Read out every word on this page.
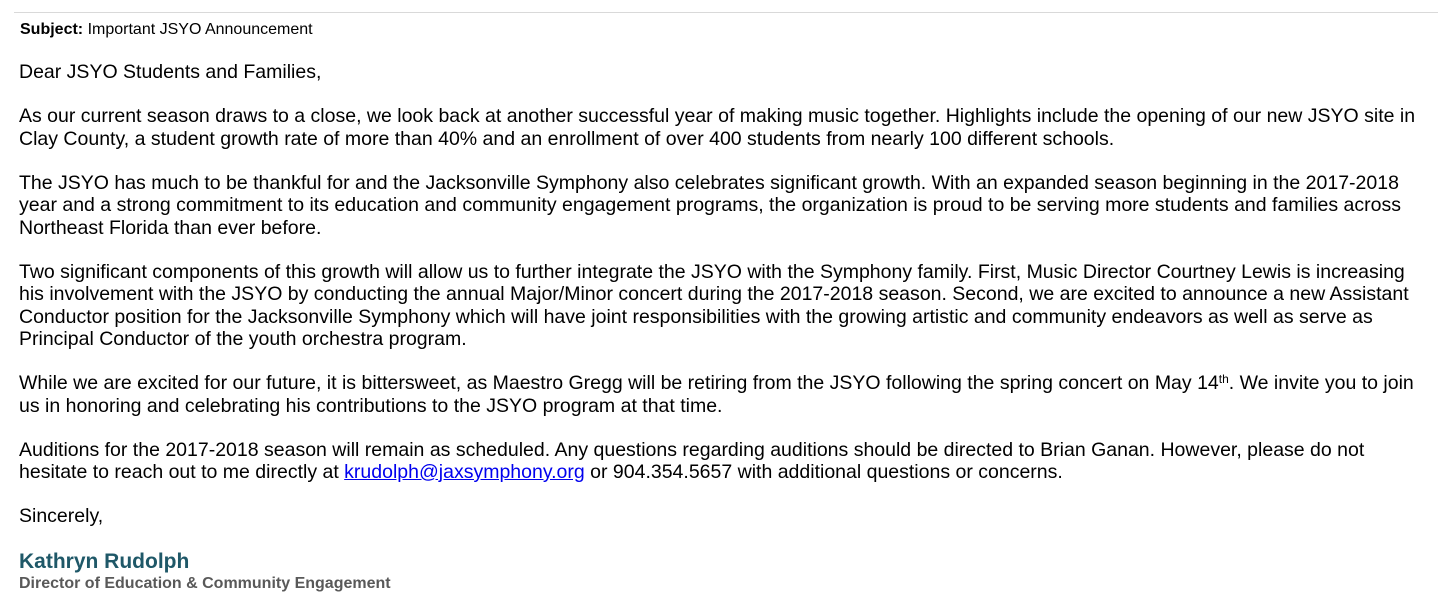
Subject: Important JSYO Announcement

Dear JSYO Students and Families,

As our current season draws to a close, we look back at another successful year of making music together. Highlights include the opening of our new JSYO site in Clay County, a student growth rate of more than 40% and an enrollment of over 400 students from nearly 100 different schools.

The JSYO has much to be thankful for and the Jacksonville Symphony also celebrates significant growth. With an expanded season beginning in the 2017-2018 year and a strong commitment to its education and community engagement programs, the organization is proud to be serving more students and families across Northeast Florida than ever before.

Two significant components of this growth will allow us to further integrate the JSYO with the Symphony family. First, Music Director Courtney Lewis is increasing his involvement with the JSYO by conducting the annual Major/Minor concert during the 2017-2018 season. Second, we are excited to announce a new Assistant Conductor position for the Jacksonville Symphony which will have joint responsibilities with the growing artistic and community endeavors as well as serve as Principal Conductor of the youth orchestra program.

While we are excited for our future, it is bittersweet, as Maestro Gregg will be retiring from the JSYO following the spring concert on May 14th. We invite you to join us in honoring and celebrating his contributions to the JSYO program at that time.

Auditions for the 2017-2018 season will remain as scheduled. Any questions regarding auditions should be directed to Brian Ganan. However, please do not hesitate to reach out to me directly at krudolph@jaxsymphony.org or 904.354.5657 with additional questions or concerns.

Sincerely,

Kathryn Rudolph
Director of Education & Community Engagement
